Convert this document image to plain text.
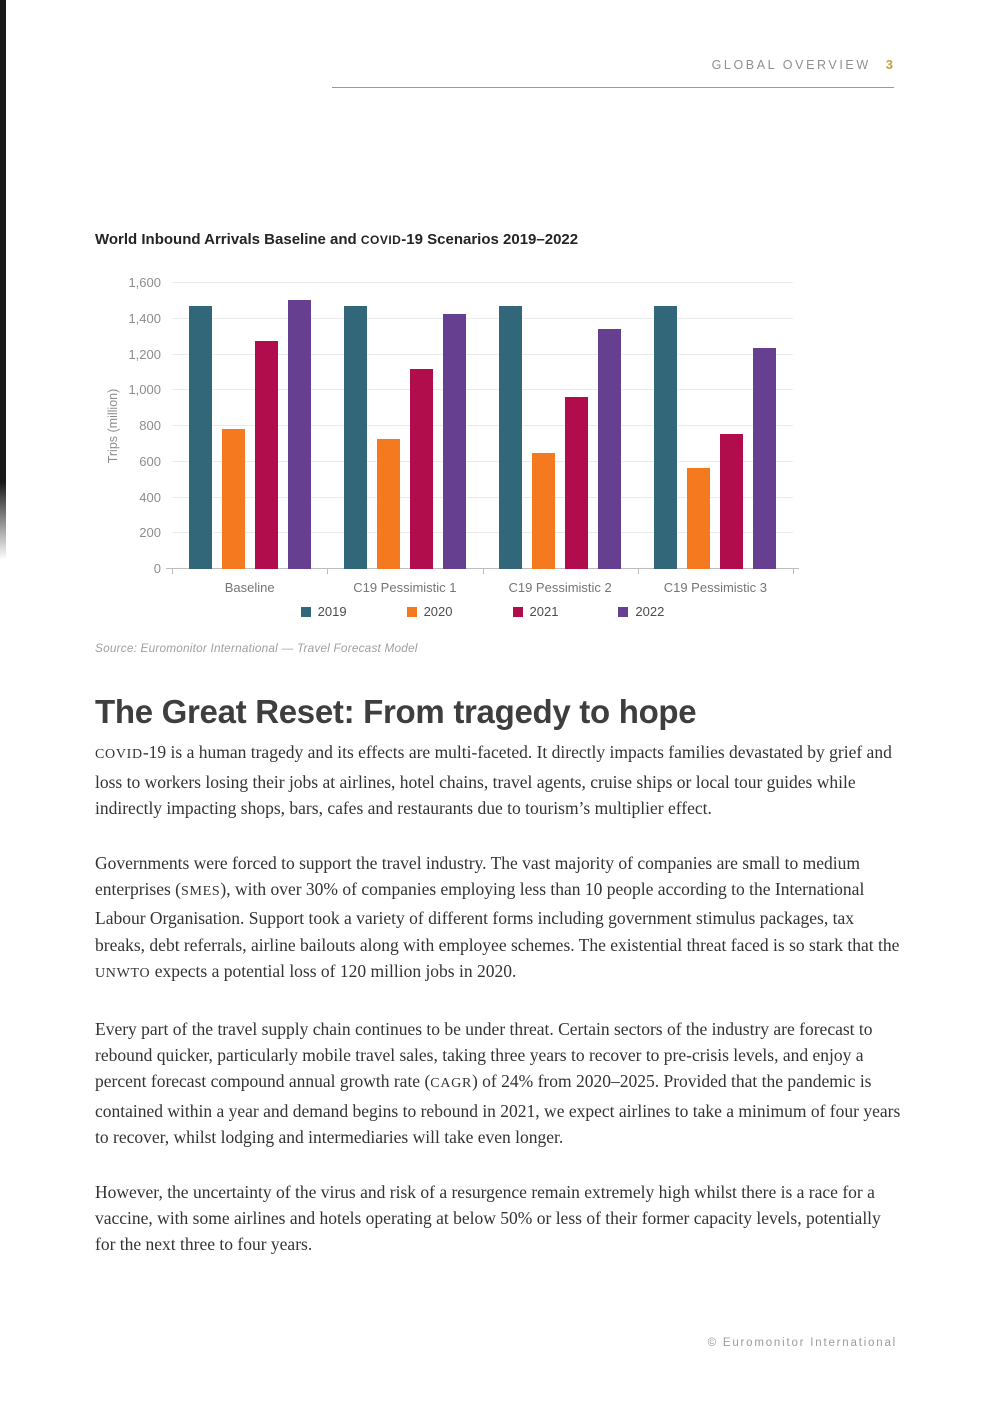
GLOBAL OVERVIEW 3
World Inbound Arrivals Baseline and COVID-19 Scenarios 2019–2022
Trips (million)
0
200
400
600
800
1,000
1,200
1,400
1,600
Baseline	C19 Pessimistic 1	C19 Pessimistic 2	C19 Pessimistic 3
2019	2020	2021	2022
Source: Euromonitor International — Travel Forecast Model
The Great Reset: From tragedy to hope

COVID-19 is a human tragedy and its effects are multi-faceted. It directly impacts families devastated by grief and loss to workers losing their jobs at airlines, hotel chains, travel agents, cruise ships or local tour guides while indirectly impacting shops, bars, cafes and restaurants due to tourism’s multiplier effect.

Governments were forced to support the travel industry. The vast majority of companies are small to medium enterprises (SMES), with over 30% of companies employing less than 10 people according to the International Labour Organisation. Support took a variety of different forms including government stimulus packages, tax breaks, debt referrals, airline bailouts along with employee schemes. The existential threat faced is so stark that the UNWTO expects a potential loss of 120 million jobs in 2020.

Every part of the travel supply chain continues to be under threat. Certain sectors of the industry are forecast to rebound quicker, particularly mobile travel sales, taking three years to recover to pre-crisis levels, and enjoy a percent forecast compound annual growth rate (CAGR) of 24% from 2020–2025. Provided that the pandemic is contained within a year and demand begins to rebound in 2021, we expect airlines to take a minimum of four years to recover, whilst lodging and intermediaries will take even longer.

However, the uncertainty of the virus and risk of a resurgence remain extremely high whilst there is a race for a vaccine, with some airlines and hotels operating at below 50% or less of their former capacity levels, potentially for the next three to four years.

© Euromonitor International
